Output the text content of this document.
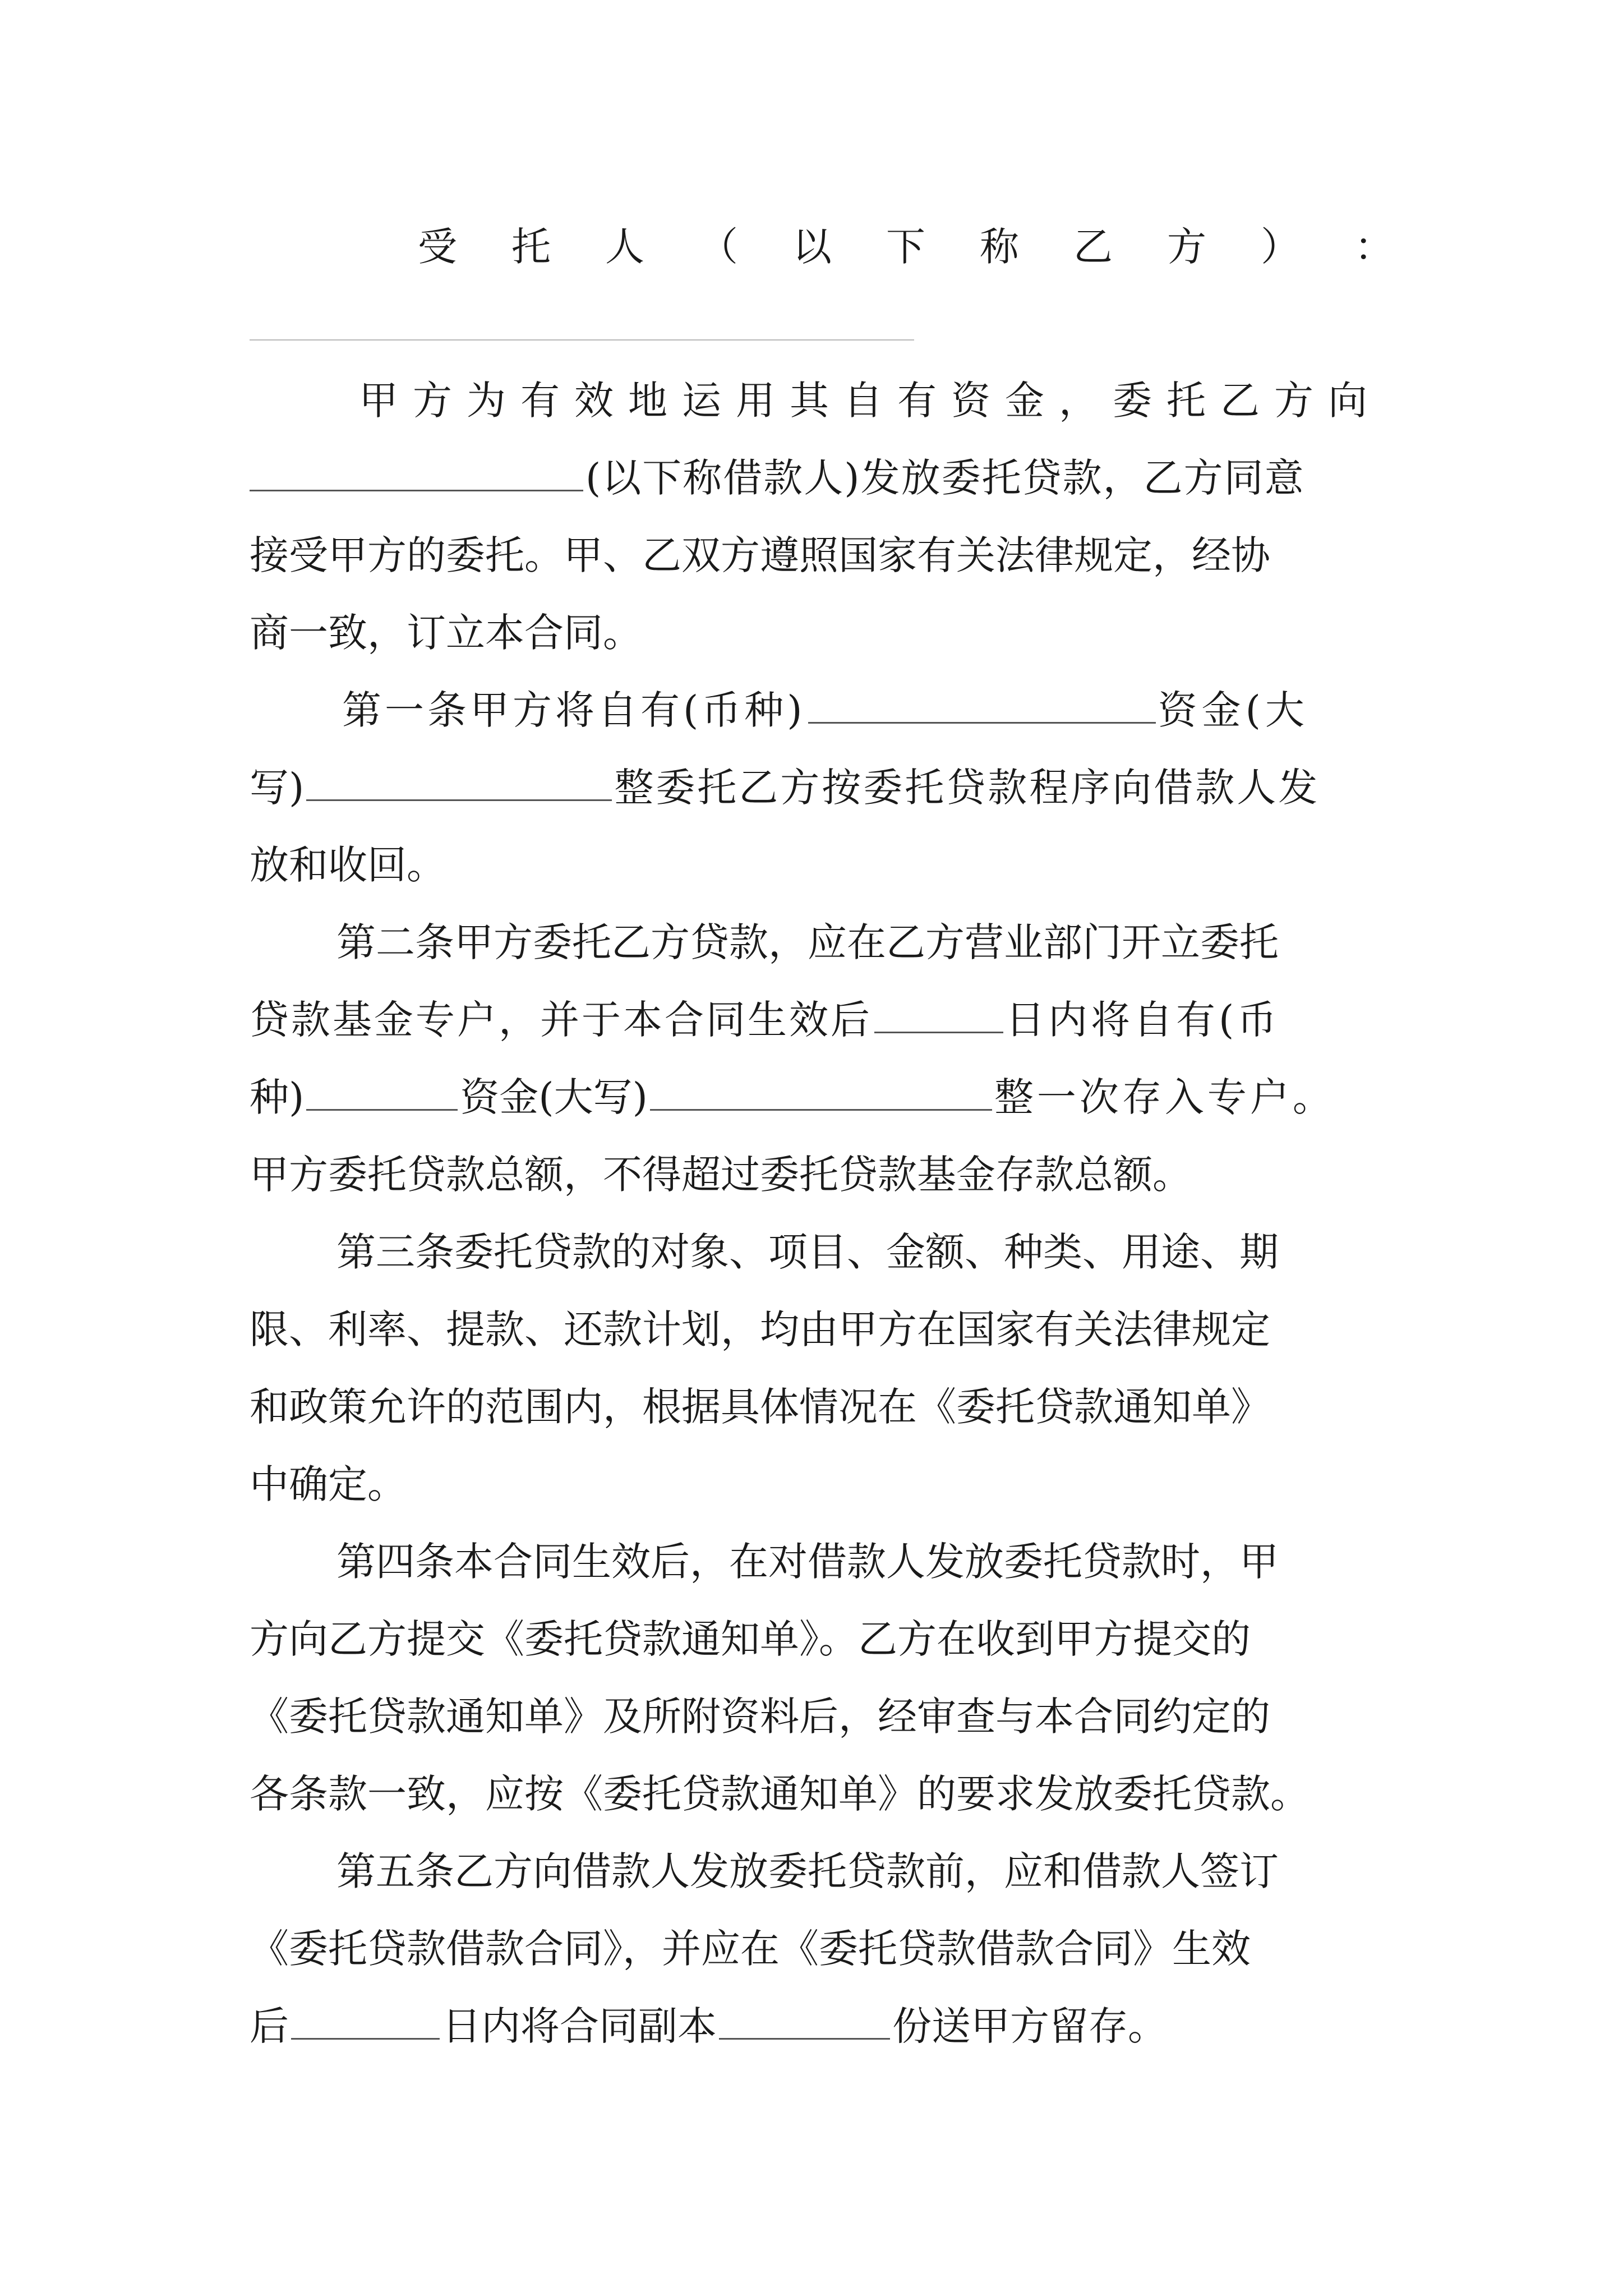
受 托 人 （ 以 下 称 乙 方 ） ：
甲方为有效地运用其自有资金，委托乙方向
(以下称借款人)发放委托贷款，乙方同意
接受甲方的委托。甲、乙双方遵照国家有关法律规定，经协
商一致，订立本合同。
第一条甲方将自有(币种)	资金(大
写)	整委托乙方按委托贷款程序向借款人发
放和收回。
第二条甲方委托乙方贷款，应在乙方营业部门开立委托
贷款基金专户，并于本合同生效后	日内将自有(币
种)	资金(大写)	整一次存入专户。
甲方委托贷款总额，不得超过委托贷款基金存款总额。
第三条委托贷款的对象、项目、金额、种类、用途、期
限、利率、提款、还款计划，均由甲方在国家有关法律规定
和政策允许的范围内，根据具体情况在《委托贷款通知单》
中确定。
第四条本合同生效后，在对借款人发放委托贷款时，甲
方向乙方提交《委托贷款通知单》。乙方在收到甲方提交的
《委托贷款通知单》及所附资料后，经审查与本合同约定的
各条款一致，应按《委托贷款通知单》的要求发放委托贷款。
第五条乙方向借款人发放委托贷款前，应和借款人签订
《委托贷款借款合同》，并应在《委托贷款借款合同》生效
后	日内将合同副本	份送甲方留存。
